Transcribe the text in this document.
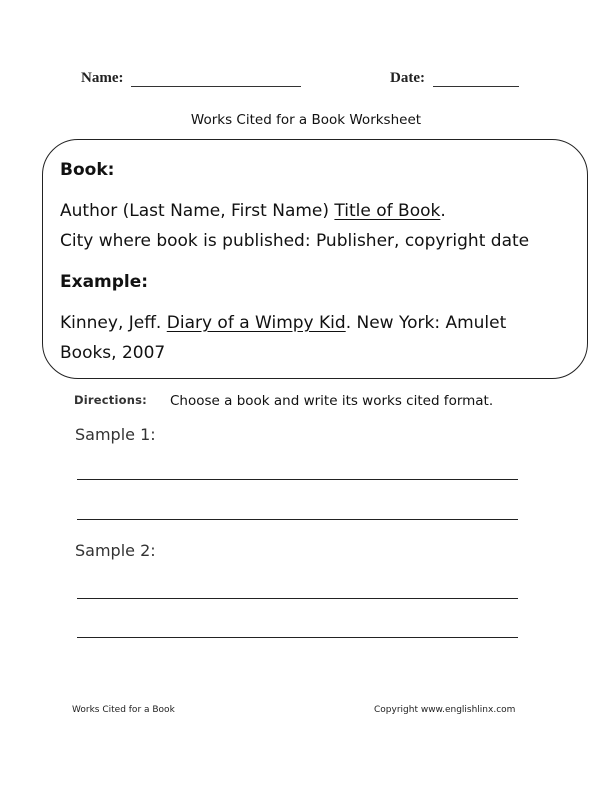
Name:	Date:
Works Cited for a Book Worksheet
Book:
Author (Last Name, First Name) Title of Book.
City where book is published: Publisher, copyright date
Example:
Kinney, Jeff. Diary of a Wimpy Kid. New York: Amulet
Books, 2007
Directions: Choose a book and write its works cited format.
Sample 1:
Sample 2:
Works Cited for a Book	Copyright www.englishlinx.com
